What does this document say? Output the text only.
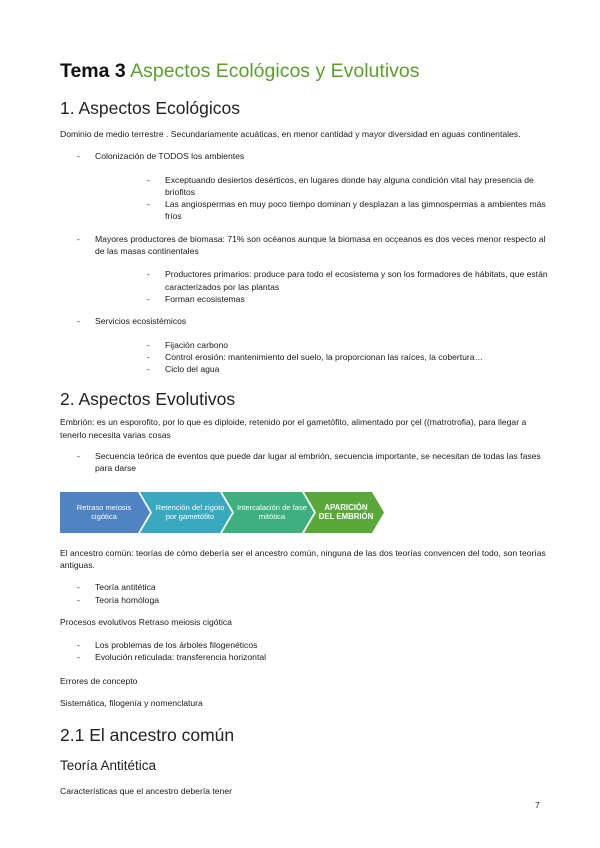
Tema 3 Aspectos Ecológicos y Evolutivos
1. Aspectos Ecológicos

Dominio de medio terrestre . Secundariamente acuáticas, en menor cantidad y mayor diversidad en aguas continentales.

- Colonización de TODOS los ambientes
- Exceptuando desiertos desérticos, en lugares donde hay alguna condición vital hay presencia de briofitos
- Las angiospermas en muy poco tiempo dominan y desplazan a las gimnospermas a ambientes más fríos
- Mayores productores de biomasa: 71% son océanos aunque la biomasa en ocçeanos es dos veces menor respecto al de las masas continentales
- Productores primarios: produce para todo el ecosistema y son los formadores de hábitats, que están caracterizados por las plantas
- Forman ecosistemas
- Servicios ecosistémicos
- Fijación carbono
- Control erosión: mantenimiento del suelo, la proporcionan las raíces, la cobertura…
- Ciclo del agua
2. Aspectos Evolutivos

Embrión: es un esporofito, por lo que es diploide, retenido por el gametófito, alimentado por çel ((matrotrofia), para llegar a tenerlo necesita varias cosas

- Secuencia teórica de eventos que puede dar lugar al embrión, secuencia importante, se necesitan de todas las fases para darse
Retraso meiosis cigótica
Retención del zigoto por gametófito
Intercalación de fase mitótica
APARICIÓN DEL EMBRIÓN

El ancestro común: teorías de cómo debería ser el ancestro común, ninguna de las dos teorías convencen del todo, son teorías antiguas.

- Teoría antitética
- Teoría homóloga

Procesos evolutivos Retraso meiosis cigótica

- Los problemas de los árboles filogenéticos
- Evolución reticulada: transferencia horizontal

Errores de concepto

Sistemática, filogenía y nomenclatura

2.1 El ancestro común
Teoría Antitética

Características que el ancestro debería tener

7
